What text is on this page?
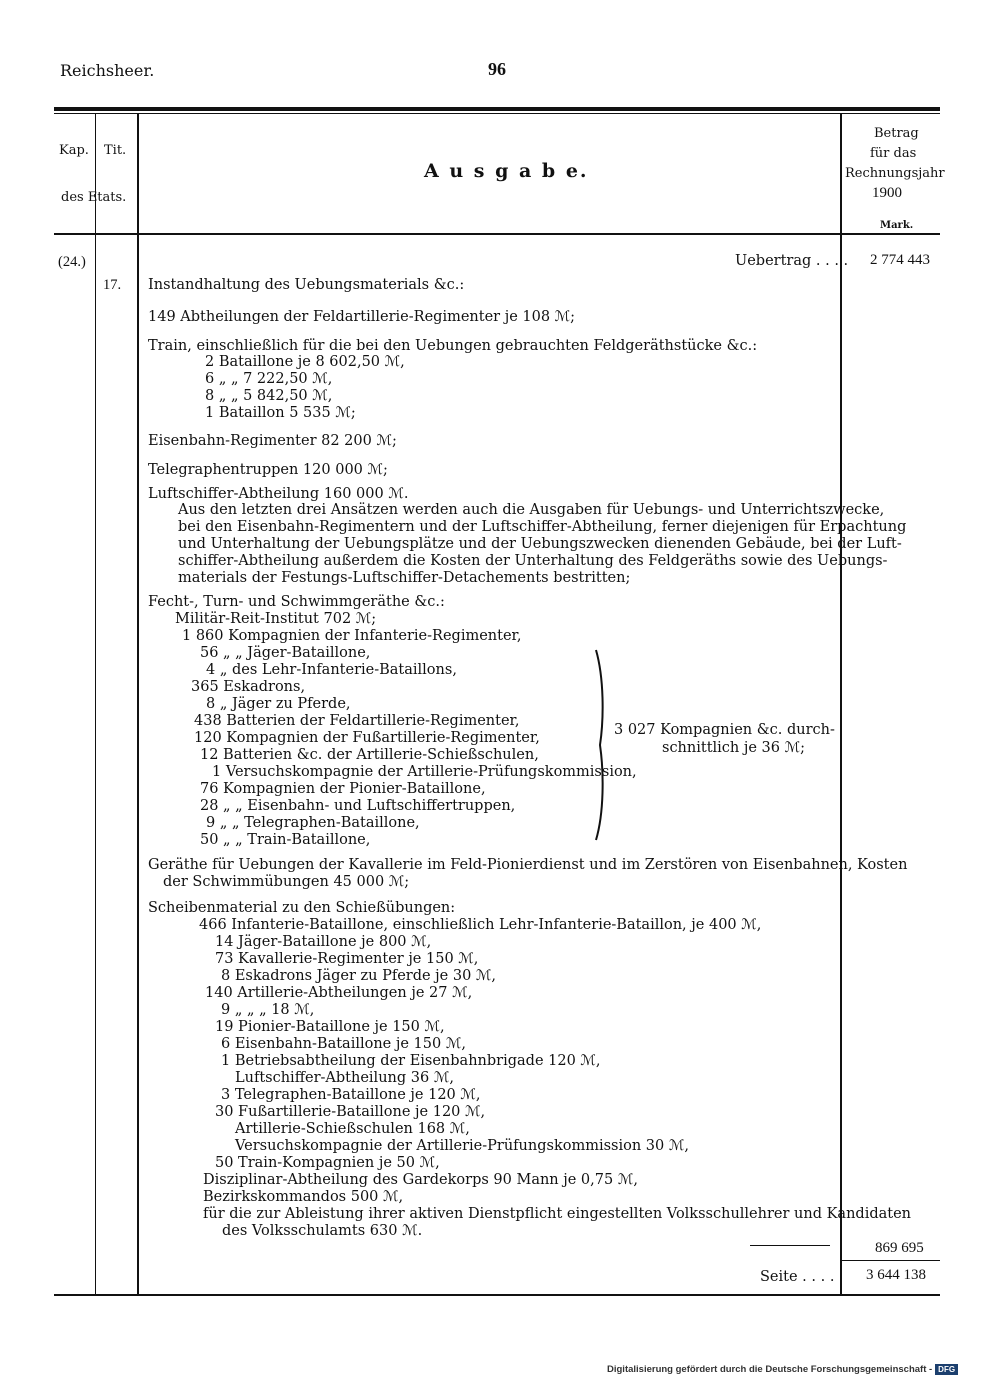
Reichsheer.	96
Kap. Tit.
des Etats.
A u s g a b e.
Betrag
für das
Rechnungsjahr
1900
Mark.
(24.)
17.
Uebertrag . . . . 2 774 443
Instandhaltung des Uebungsmaterials &c.:
149 Abtheilungen der Feldartillerie-Regimenter je 108 ℳ;
Train, einschließlich für die bei den Uebungen gebrauchten Feldgeräthstücke &c.:
2 Bataillone je 8 602,50 ℳ,
6 „ „ 7 222,50 ℳ,
8 „ „ 5 842,50 ℳ,
1 Bataillon 5 535 ℳ;
Eisenbahn-Regimenter 82 200 ℳ;
Telegraphentruppen 120 000 ℳ;
Luftschiffer-Abtheilung 160 000 ℳ.
Aus den letzten drei Ansätzen werden auch die Ausgaben für Uebungs- und Unterrichtszwecke,
bei den Eisenbahn-Regimentern und der Luftschiffer-Abtheilung, ferner diejenigen für Erpachtung
und Unterhaltung der Uebungsplätze und der Uebungszwecken dienenden Gebäude, bei der Luft-
schiffer-Abtheilung außerdem die Kosten der Unterhaltung des Feldgeräths sowie des Uebungs-
materials der Festungs-Luftschiffer-Detachements bestritten;
Fecht-, Turn- und Schwimmgeräthe &c.:
Militär-Reit-Institut 702 ℳ;
1 860 Kompagnien der Infanterie-Regimenter,
56 „ „ Jäger-Bataillone,
4 „ des Lehr-Infanterie-Bataillons,
365 Eskadrons,
8 „ Jäger zu Pferde,
438 Batterien der Feldartillerie-Regimenter,
120 Kompagnien der Fußartillerie-Regimenter,
12 Batterien &c. der Artillerie-Schießschulen,
1 Versuchskompagnie der Artillerie-Prüfungskommission,
76 Kompagnien der Pionier-Bataillone,
28 „ „ Eisenbahn- und Luftschiffertruppen,
9 „ „ Telegraphen-Bataillone,
50 „ „ Train-Bataillone,
Geräthe für Uebungen der Kavallerie im Feld-Pionierdienst und im Zerstören von Eisenbahnen, Kosten
der Schwimmübungen 45 000 ℳ;
Scheibenmaterial zu den Schießübungen:
466 Infanterie-Bataillone, einschließlich Lehr-Infanterie-Bataillon, je 400 ℳ,
14 Jäger-Bataillone je 800 ℳ,
73 Kavallerie-Regimenter je 150 ℳ,
8 Eskadrons Jäger zu Pferde je 30 ℳ,
140 Artillerie-Abtheilungen je 27 ℳ,
9 „ „ „ 18 ℳ,
19 Pionier-Bataillone je 150 ℳ,
6 Eisenbahn-Bataillone je 150 ℳ,
1 Betriebsabtheilung der Eisenbahnbrigade 120 ℳ,
Luftschiffer-Abtheilung 36 ℳ,
3 Telegraphen-Bataillone je 120 ℳ,
30 Fußartillerie-Bataillone je 120 ℳ,
Artillerie-Schießschulen 168 ℳ,
Versuchskompagnie der Artillerie-Prüfungskommission 30 ℳ,
50 Train-Kompagnien je 50 ℳ,
Disziplinar-Abtheilung des Gardekorps 90 Mann je 0,75 ℳ,
Bezirkskommandos 500 ℳ,
für die zur Ableistung ihrer aktiven Dienstpflicht eingestellten Volksschullehrer und Kandidaten
des Volksschulamts 630 ℳ.
3 027 Kompagnien &c. durch-
schnittlich je 36 ℳ;
869 695
Seite . . . . 3 644 138
Digitalisierung gefördert durch die Deutsche Forschungsgemeinschaft - DFG
